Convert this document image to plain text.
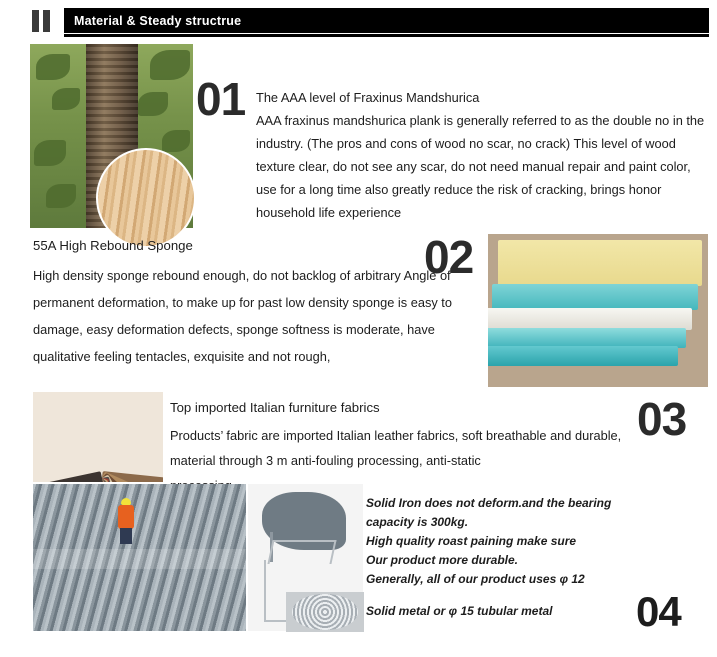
Material & Steady structrue
01 The AAA level of Fraxinus Mandshurica
AAA fraxinus mandshurica plank is generally referred to as the double no in the industry. (The pros and cons of wood no scar, no crack) This level of wood texture clear, do not see any scar, do not need manual repair and paint color, use for a long time also greatly reduce the risk of cracking, brings honor household life experience
55A High Rebound Sponge
High density sponge rebound enough, do not backlog of arbitrary Angle of permanent deformation, to make up for past low density sponge is easy to damage, easy deformation defects, sponge softness is moderate, have qualitative feeling tentacles, exquisite and not rough,
02
Top imported Italian furniture fabrics
Products’ fabric are imported Italian leather fabrics, soft breathable and durable, material through 3 m anti-fouling processing, anti-static
03
Solid Iron does not deform.and the bearing
capacity is 300kg.
High quality roast paining make sure
Our product more durable.
Generally, all of our product uses φ 12
Solid metal or φ 15 tubular metal	04
